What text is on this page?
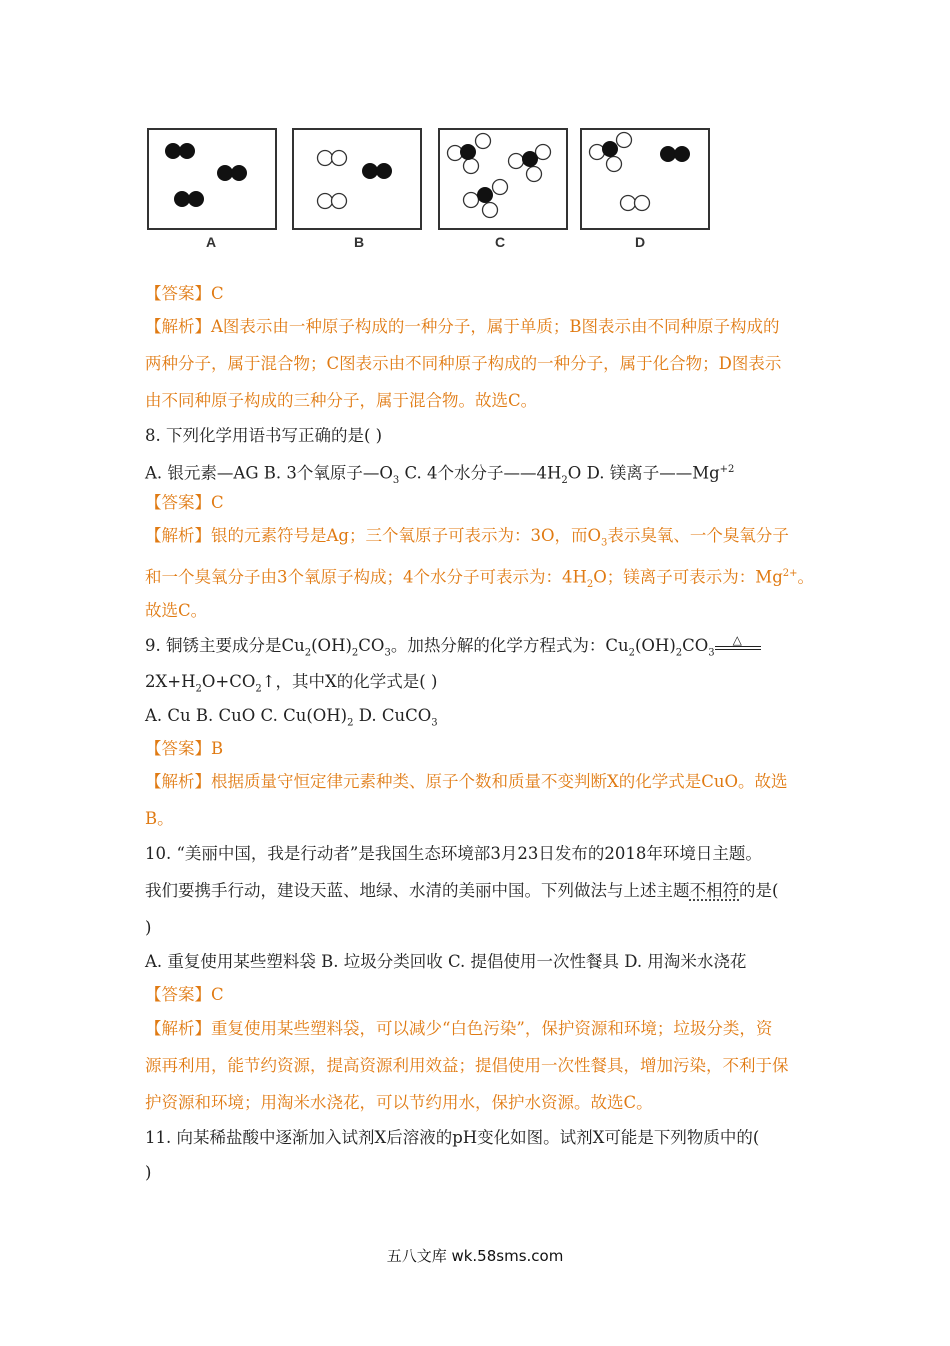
A	B	C	D
【答案】C
【解析】A图表示由一种原子构成的一种分子，属于单质；B图表示由不同种原子构成的
两种分子，属于混合物；C图表示由不同种原子构成的一种分子，属于化合物；D图表示
由不同种原子构成的三种分子，属于混合物。故选C。
8. 下列化学用语书写正确的是( )
A. 银元素—AG B. 3个氧原子$—O_3$ C. 4个水分子$——4H_2O$ D. 镁离子$——Mg^{+2}$
【答案】C
【解析】银的元素符号是Ag；三个氧原子可表示为：3O，而$O_3$表示臭氧、一个臭氧分子
和一个臭氧分子由3个氧原子构成；4个水分子可表示为：$4H_2O$；镁离子可表示为：$Mg^{2+}$。
故选C。
9. 铜锈主要成分是$Cu_2(OH)_2CO_3$。加热分解的化学方程式为：$Cu_2(OH)_2CO_3$
△
$2X+H_2O+CO_2↑$，其中X的化学式是( )
A. Cu B. CuO C. $Cu(OH)_2$ D. CuCO$_3$
【答案】B
【解析】根据质量守恒定律元素种类、原子个数和质量不变判断X的化学式是CuO。故选
B。
10. “美丽中国，我是行动者”是我国生态环境部3月23日发布的2018年环境日主题。
我们要携手行动，建设天蓝、地绿、水清的美丽中国。下列做法与上述主题不相符的是(
)
A. 重复使用某些塑料袋 B. 垃圾分类回收 C. 提倡使用一次性餐具 D. 用淘米水浇花
【答案】C
【解析】重复使用某些塑料袋，可以减少“白色污染”，保护资源和环境；垃圾分类，资
源再利用，能节约资源，提高资源利用效益；提倡使用一次性餐具，增加污染，不利于保
护资源和环境；用淘米水浇花，可以节约用水，保护水资源。故选C。
11. 向某稀盐酸中逐渐加入试剂X后溶液的pH变化如图。试剂X可能是下列物质中的(
)
五八文库 wk.58sms.com
